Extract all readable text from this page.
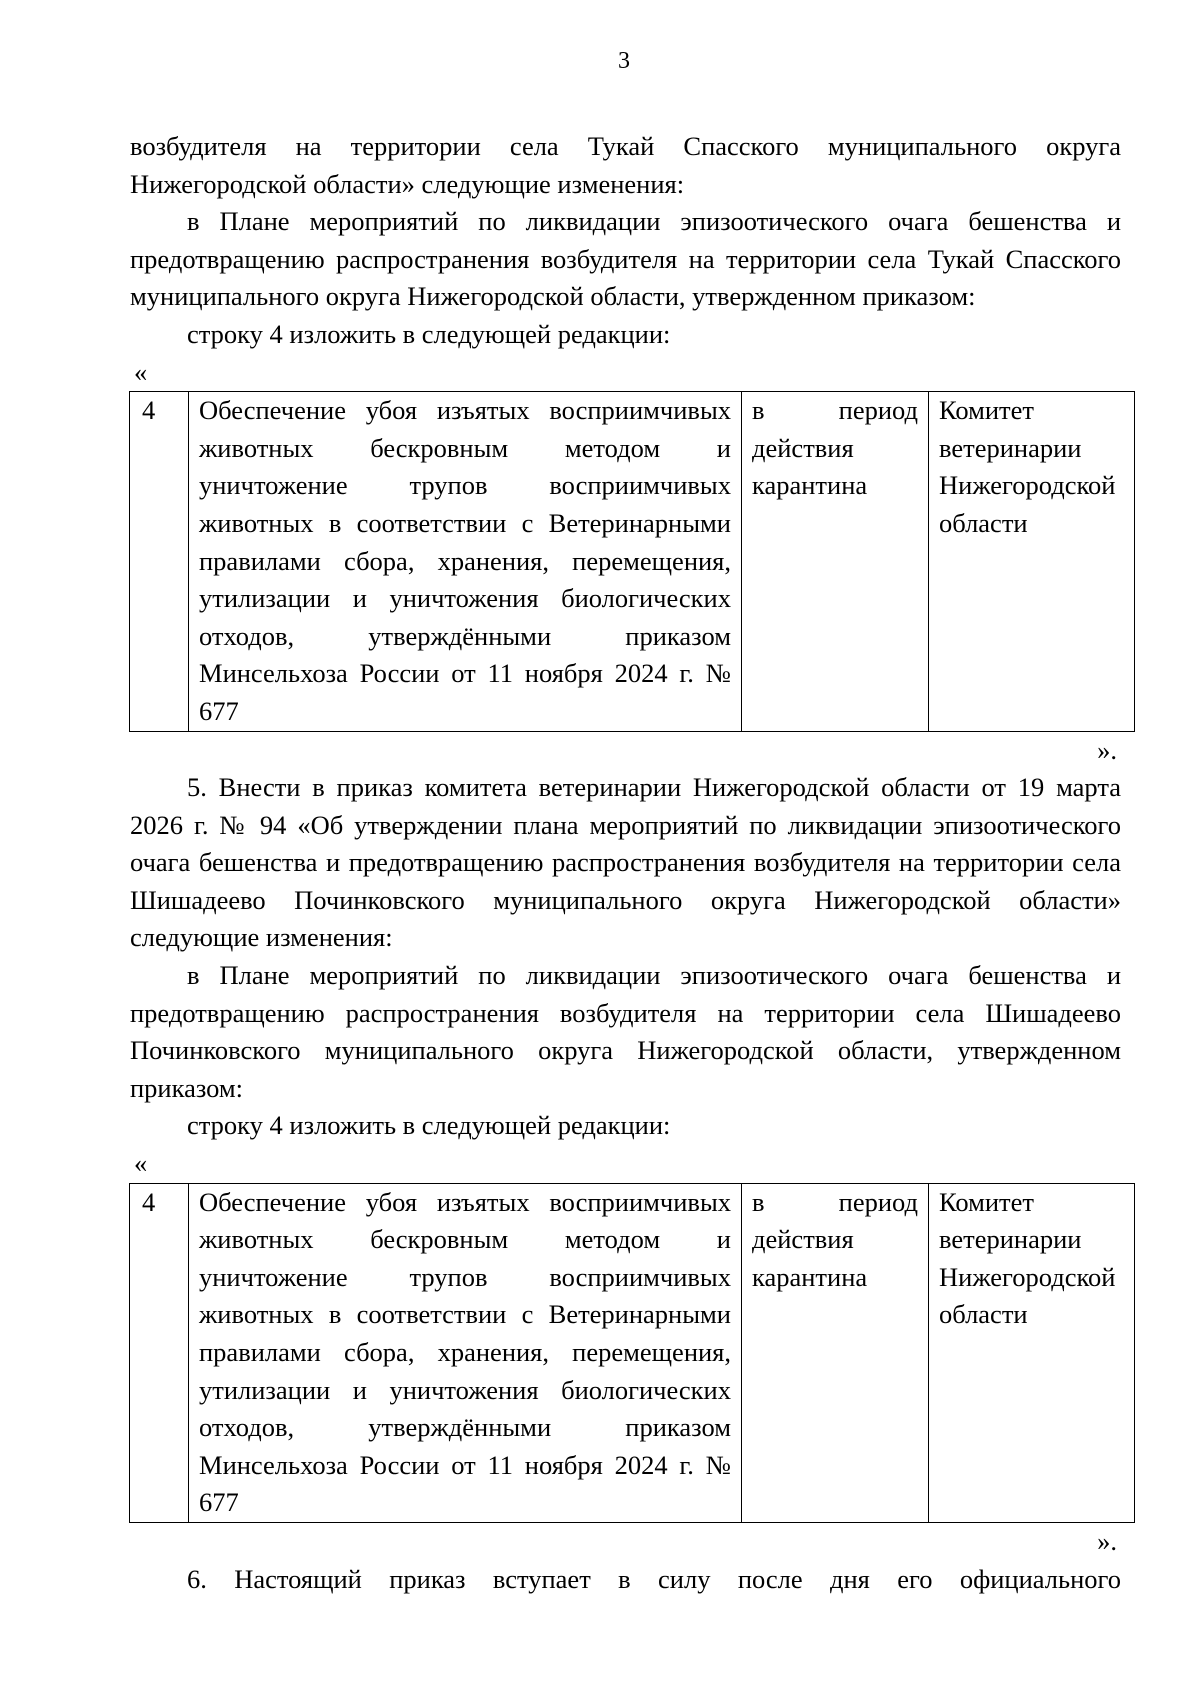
3

возбудителя на территории села Тукай Спасского муниципального округа Нижегородской области» следующие изменения:

в Плане мероприятий по ликвидации эпизоотического очага бешенства и предотвращению распространения возбудителя на территории села Тукай Спасского муниципального округа Нижегородской области, утвержденном приказом:

строку 4 изложить в следующей редакции:

«

4	Обеспечение убоя изъятых восприимчивых животных бескровным методом и уничтожение трупов восприимчивых животных в соответствии с Ветеринарными правилами сбора, хранения, перемещения, утилизации и уничтожения биологических отходов, утверждёнными приказом Минсельхоза России от 11 ноября 2024 г. № 677	в период действия карантина	Комитет ветеринарии Нижегородской области

».

5. Внести в приказ комитета ветеринарии Нижегородской области от 19 марта 2026 г. № 94 «Об утверждении плана мероприятий по ликвидации эпизоотического очага бешенства и предотвращению распространения возбудителя на территории села Шишадеево Починковского муниципального округа Нижегородской области» следующие изменения:

в Плане мероприятий по ликвидации эпизоотического очага бешенства и предотвращению распространения возбудителя на территории села Шишадеево Починковского муниципального округа Нижегородской области, утвержденном приказом:

строку 4 изложить в следующей редакции:

«

4	Обеспечение убоя изъятых восприимчивых животных бескровным методом и уничтожение трупов восприимчивых животных в соответствии с Ветеринарными правилами сбора, хранения, перемещения, утилизации и уничтожения биологических отходов, утверждёнными приказом Минсельхоза России от 11 ноября 2024 г. № 677	в период действия карантина	Комитет ветеринарии Нижегородской области

».

6. Настоящий приказ вступает в силу после дня его официального
